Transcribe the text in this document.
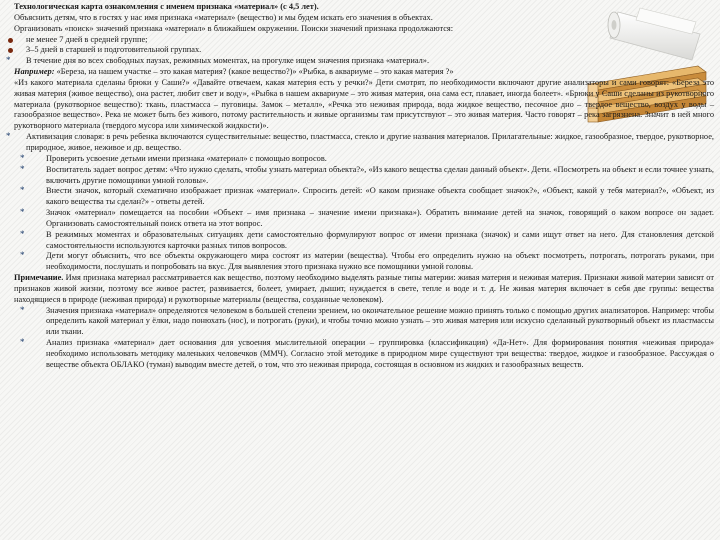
Технологическая карта ознакомления с именем признака «материал» (с 4,5 лет).

Объяснить детям, что в гостях у нас имя признака «материал» (вещество) и мы будем искать его значения в объектах.

Организовать «поиск» значений признака «материал» в ближайшем окружении. Поиски значений признака продолжаются:

не менее 7 дней в средней группе;

3–5 дней в старшей и подготовительной группах.

* В течение дня во всех свободных паузах, режимных моментах, на прогулке ищем значения признака «материал».

Например: «Береза, на нашем участке – это какая материя? (какое вещество?)» «Рыбка, в аквариуме – это какая материя ?»

«Из какого материала сделаны брюки у Саши?» «Давайте отвечаем, какая материя есть у речки?» Дети смотрят, по необходимости включают другие анализаторы и сами говорят: «Береза это живая материя (живое вещество), она растет, любит свет и воду», «Рыбка в нашем аквариуме – это живая материя, она сама ест, плавает, иногда болеет». «Брюки у Саши сделаны из рукотворного материала (рукотворное вещество): ткань, пластмасса – пуговицы. Замок – металл», «Речка это неживая природа, вода жидкое вещество, песочное дно – твердое вещество, воздух у воды – газообразное вещество». Река не может быть без живого, потому растительность и живые организмы там присутствуют – это живая материя. Часто говорят – река загрязнена. Значит в ней много рукотворного материала (твердого мусора или химической жидкости)».

* Активизация словаря: в речь ребенка включаются существительные: вещество, пластмасса, стекло и другие названия материалов. Прилагательные: жидкое, газообразное, твердое, рукотворное, природное, живое, неживое и др. вещество.

*	Проверить усвоение детьми имени признака «материал» с помощью вопросов.

*	Воспитатель задает вопрос детям: «Что нужно сделать, чтобы узнать материал объекта?», «Из какого вещества сделан данный объект». Дети. «Посмотреть на объект и если точнее узнать, включить другие помощники умной головы».

*	Внести значок, который схематично изображает признак «материал». Спросить детей: «О каком признаке объекта сообщает значок?», «Объект, какой у тебя материал?», «Объект, из какого вещества ты сделан?» - ответы детей.

*	Значок «материал» помещается на пособии «Объект – имя признака – значение имени признака»). Обратить внимание детей на значок, говорящий о каком вопросе он задает. Организовать самостоятельный поиск ответа на этот вопрос.

*	В режимных моментах и образовательных ситуациях дети самостоятельно формулируют вопрос от имени признака (значок) и сами ищут ответ на него. Для становления детской самостоятельности используются карточки разных типов вопросов.

*	Дети могут объяснить, что все объекты окружающего мира состоят из материи (вещества). Чтобы его определить нужно на объект посмотреть, потрогать, потрогать руками, при необходимости, послушать и попробовать на вкус. Для выявления этого признака нужно все помощники умной головы.

Примечание. Имя признака материал рассматривается как вещество, поэтому необходимо выделять разные типы материи: живая материя и неживая материя. Признаки живой материи зависят от признаков живой жизни, поэтому все живое растет, развивается, болеет, умирает, дышит, нуждается в свете, тепле и воде и т. д. Не живая материя включает в себя две группы: вещества находящиеся в природе (неживая природа) и рукотворные материалы (вещества, созданные человеком).

*	Значения признака «материал» определяются человеком в большей степени зрением, но окончательное решение можно принять только с помощью других анализаторов. Например: чтобы определить какой материал у ёлки, надо понюхать (нос), и потрогать (руки), и чтобы точно можно узнать – это живая материя или искусно сделанный рукотворный объект из пластмассы или ткани.

*	Анализ признака «материал» дает основания для усвоения мыслительной операции – группировка (классификация) «Да-Нет». Для формирования понятия «неживая природа» необходимо использовать методику маленьких человечков (ММЧ). Согласно этой методике в природном мире существуют три вещества: твердое, жидкое и газообразное. Рассуждая о веществе объекта ОБЛАКО (туман) выводим вместе детей, о том, что это неживая природа, состоящая в основном из жидких и газообразных веществ.
